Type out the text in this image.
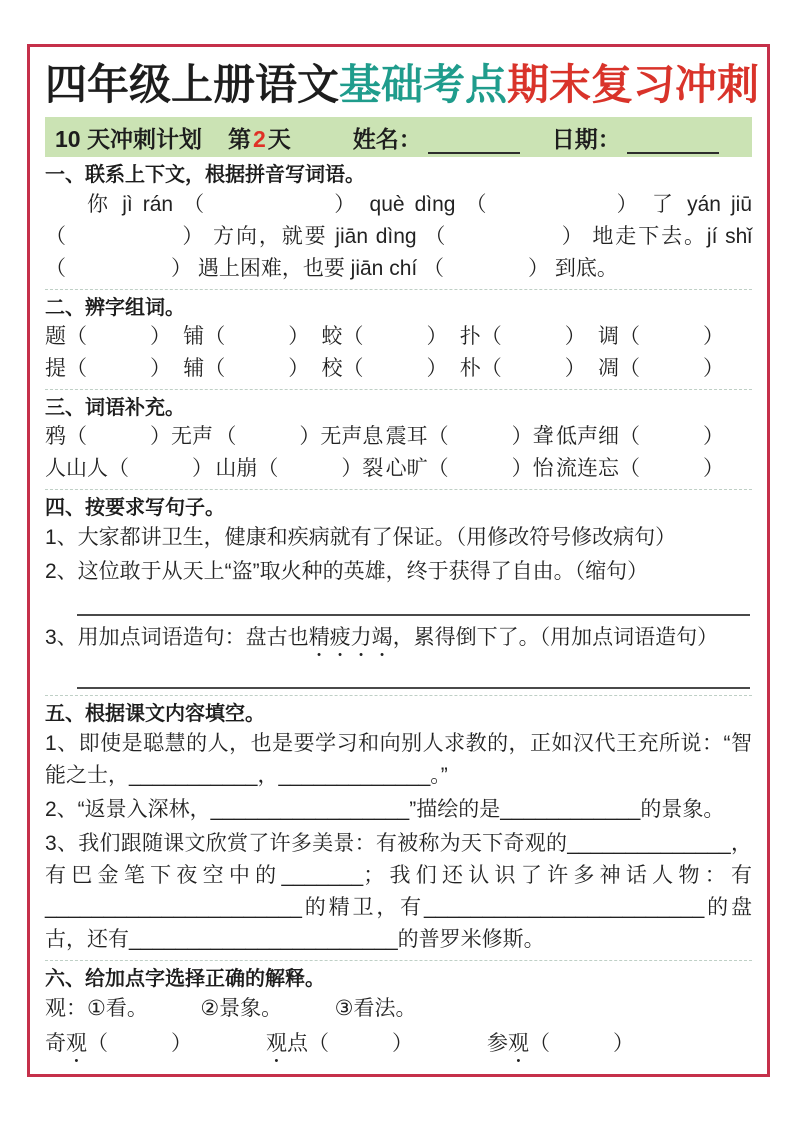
四年级上册语文基础考点期末复习冲刺
10 天冲刺计划 第2天	姓名：	日期：
一、联系上下文，根据拼音写词语。

你 jì rán （　　　　　） què dìng （　　　　　） 了 yán jiū （　　　　　） 方向，就要 jiān dìng （　　　　　） 地走下去。jí shǐ （　　　　　） 遇上困难，也要 jiān chí （　　　　） 到底。

二、辨字组词。
题（　　　） 铺（　　　） 蛟（　　　） 扑（　　　） 调（　　　）
提（　　　） 辅（　　　） 校（　　　） 朴（　　　） 凋（　　　）
三、词语补充。
鸦（　　　）无声 （　　　）无声息 震耳（　　　）聋 低声细（　　　）
人山人（　　　） 山崩（　　　）裂 心旷（　　　）怡 流连忘（　　　）
四、按要求写句子。

1、大家都讲卫生，健康和疾病就有了保证。（用修改符号修改病句）

2、这位敢于从天上“盗”取火种的英雄，终于获得了自由。（缩句）

3、用加点词语造句：盘古也精疲力竭，累得倒下了。（用加点词语造句）

五、根据课文内容填空。

1、即使是聪慧的人，也是要学习和向别人求教的，正如汉代王充所说：“智能之士，___________，_____________。”

2、“返景入深林，_________________”描绘的是____________的景象。

3、我们跟随课文欣赏了许多美景：有被称为天下奇观的______________，有巴金笔下夜空中的_______；我们还认识了许多神话人物：有______________________的精卫，有________________________的盘古，还有_______________________的普罗米修斯。

六、给加点字选择正确的解释。

观：①看。　　　②景象。　　　③看法。

奇观（　　　）	观点（　　　）	参观（　　　）
